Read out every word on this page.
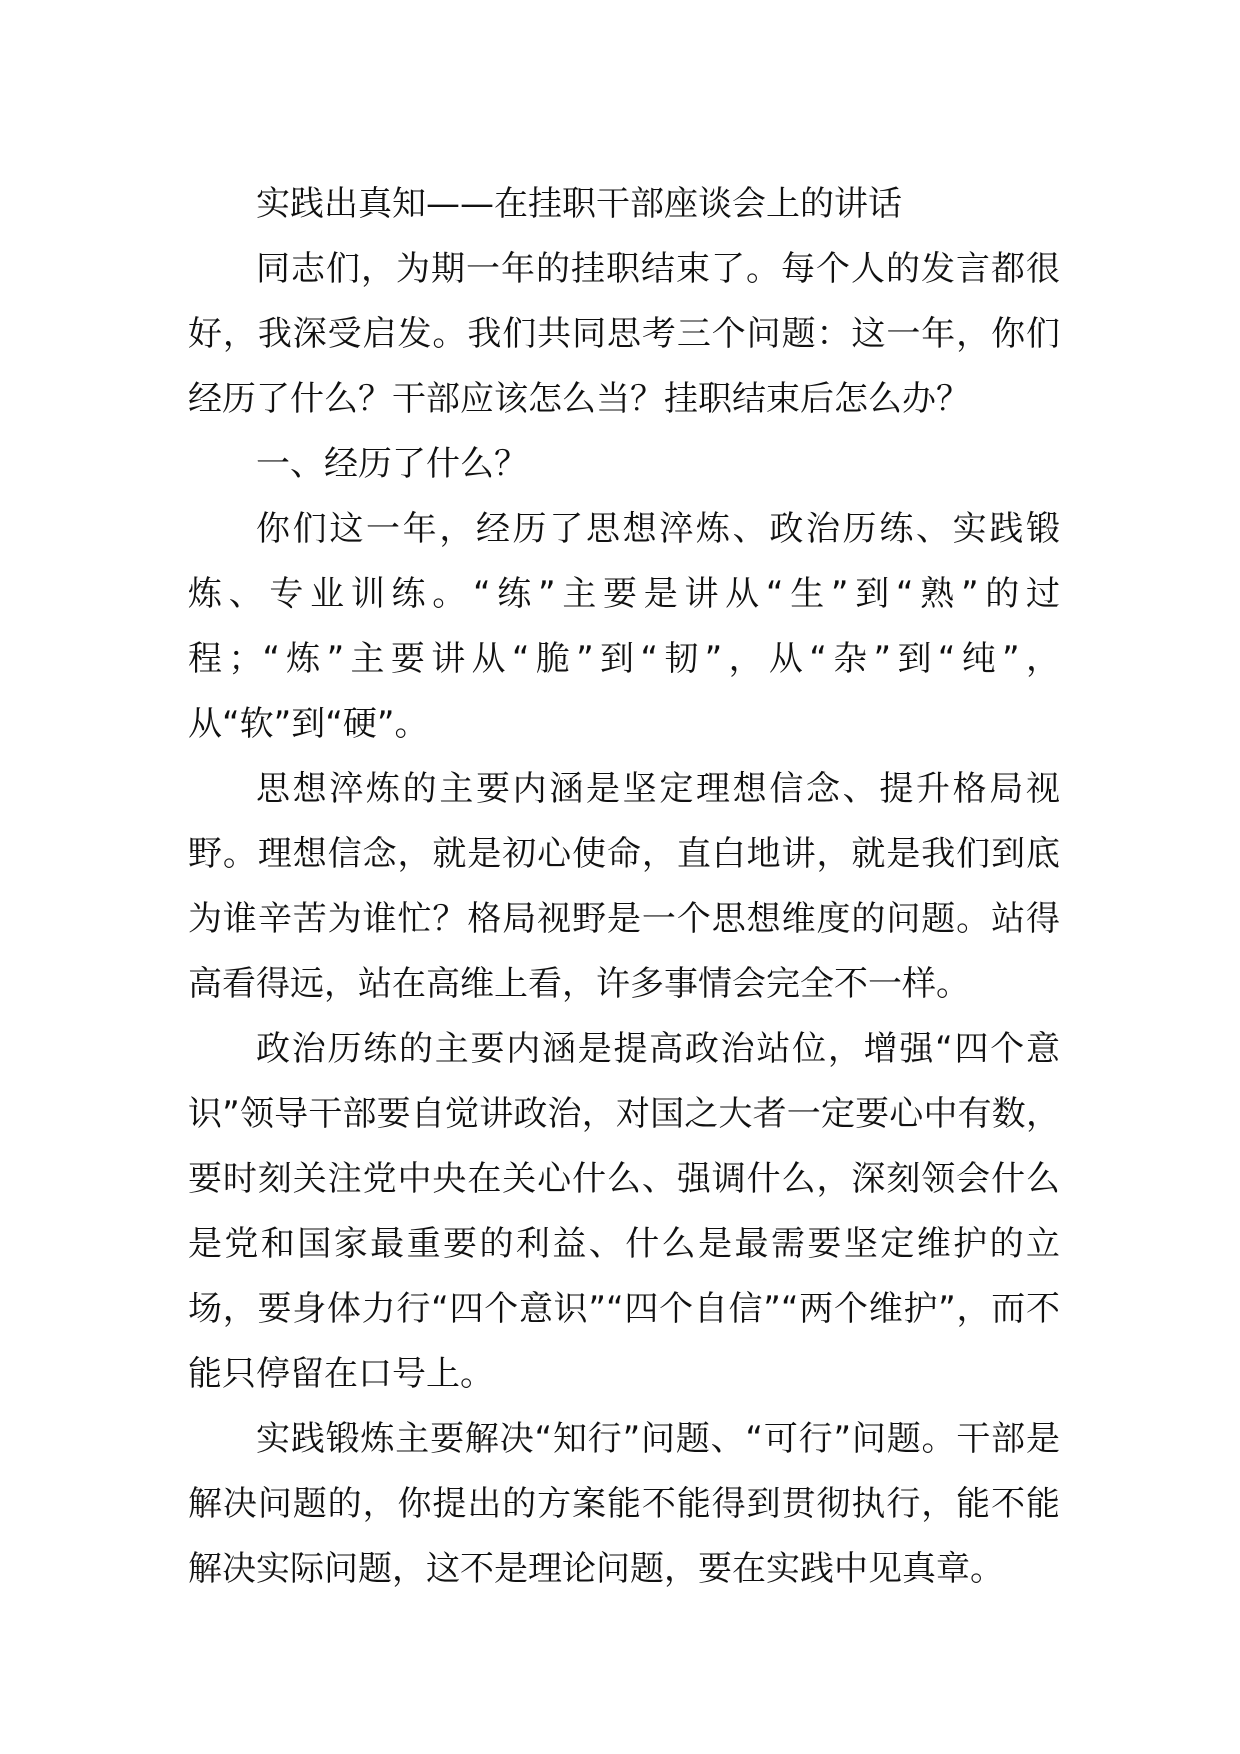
实践出真知——在挂职干部座谈会上的讲话

同志们，为期一年的挂职结束了。每个人的发言都很好，我深受启发。我们共同思考三个问题：这一年，你们经历了什么？干部应该怎么当？挂职结束后怎么办？

一、经历了什么？

你们这一年，经历了思想淬炼、政治历练、实践锻炼、专业训练。“练”主要是讲从“生”到“熟”的过程；“炼”主要讲从“脆”到“韧”，从“杂”到“纯”，从“软”到“硬”。

思想淬炼的主要内涵是坚定理想信念、提升格局视野。理想信念，就是初心使命，直白地讲，就是我们到底为谁辛苦为谁忙？格局视野是一个思想维度的问题。站得高看得远，站在高维上看，许多事情会完全不一样。

政治历练的主要内涵是提高政治站位，增强“四个意识”领导干部要自觉讲政治，对国之大者一定要心中有数，要时刻关注党中央在关心什么、强调什么，深刻领会什么是党和国家最重要的利益、什么是最需要坚定维护的立场，要身体力行“四个意识”“四个自信”“两个维护”，而不能只停留在口号上。

实践锻炼主要解决“知行”问题、“可行”问题。干部是解决问题的，你提出的方案能不能得到贯彻执行，能不能解决实际问题，这不是理论问题，要在实践中见真章。
